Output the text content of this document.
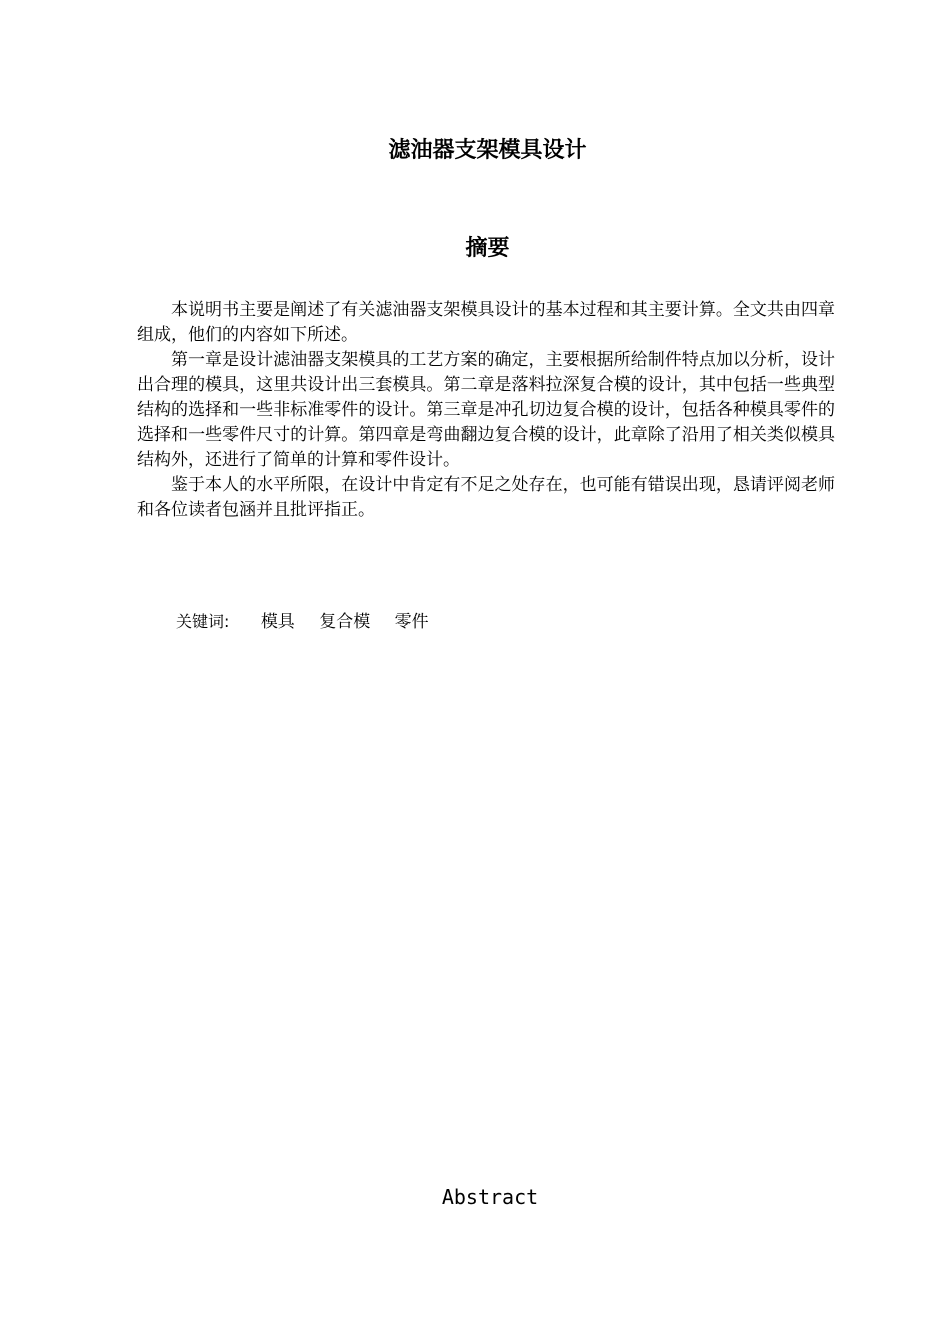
滤油器支架模具设计
摘要

本说明书主要是阐述了有关滤油器支架模具设计的基本过程和其主要计算。全文共由四章组成，他们的内容如下所述。

第一章是设计滤油器支架模具的工艺方案的确定，主要根据所给制件特点加以分析，设计出合理的模具，这里共设计出三套模具。第二章是落料拉深复合模的设计，其中包括一些典型结构的选择和一些非标准零件的设计。第三章是冲孔切边复合模的设计，包括各种模具零件的选择和一些零件尺寸的计算。第四章是弯曲翻边复合模的设计，此章除了沿用了相关类似模具结构外，还进行了简单的计算和零件设计。

鉴于本人的水平所限，在设计中肯定有不足之处存在，也可能有错误出现，恳请评阅老师和各位读者包涵并且批评指正。

关键词: 模具 复合模 零件
Abstract
